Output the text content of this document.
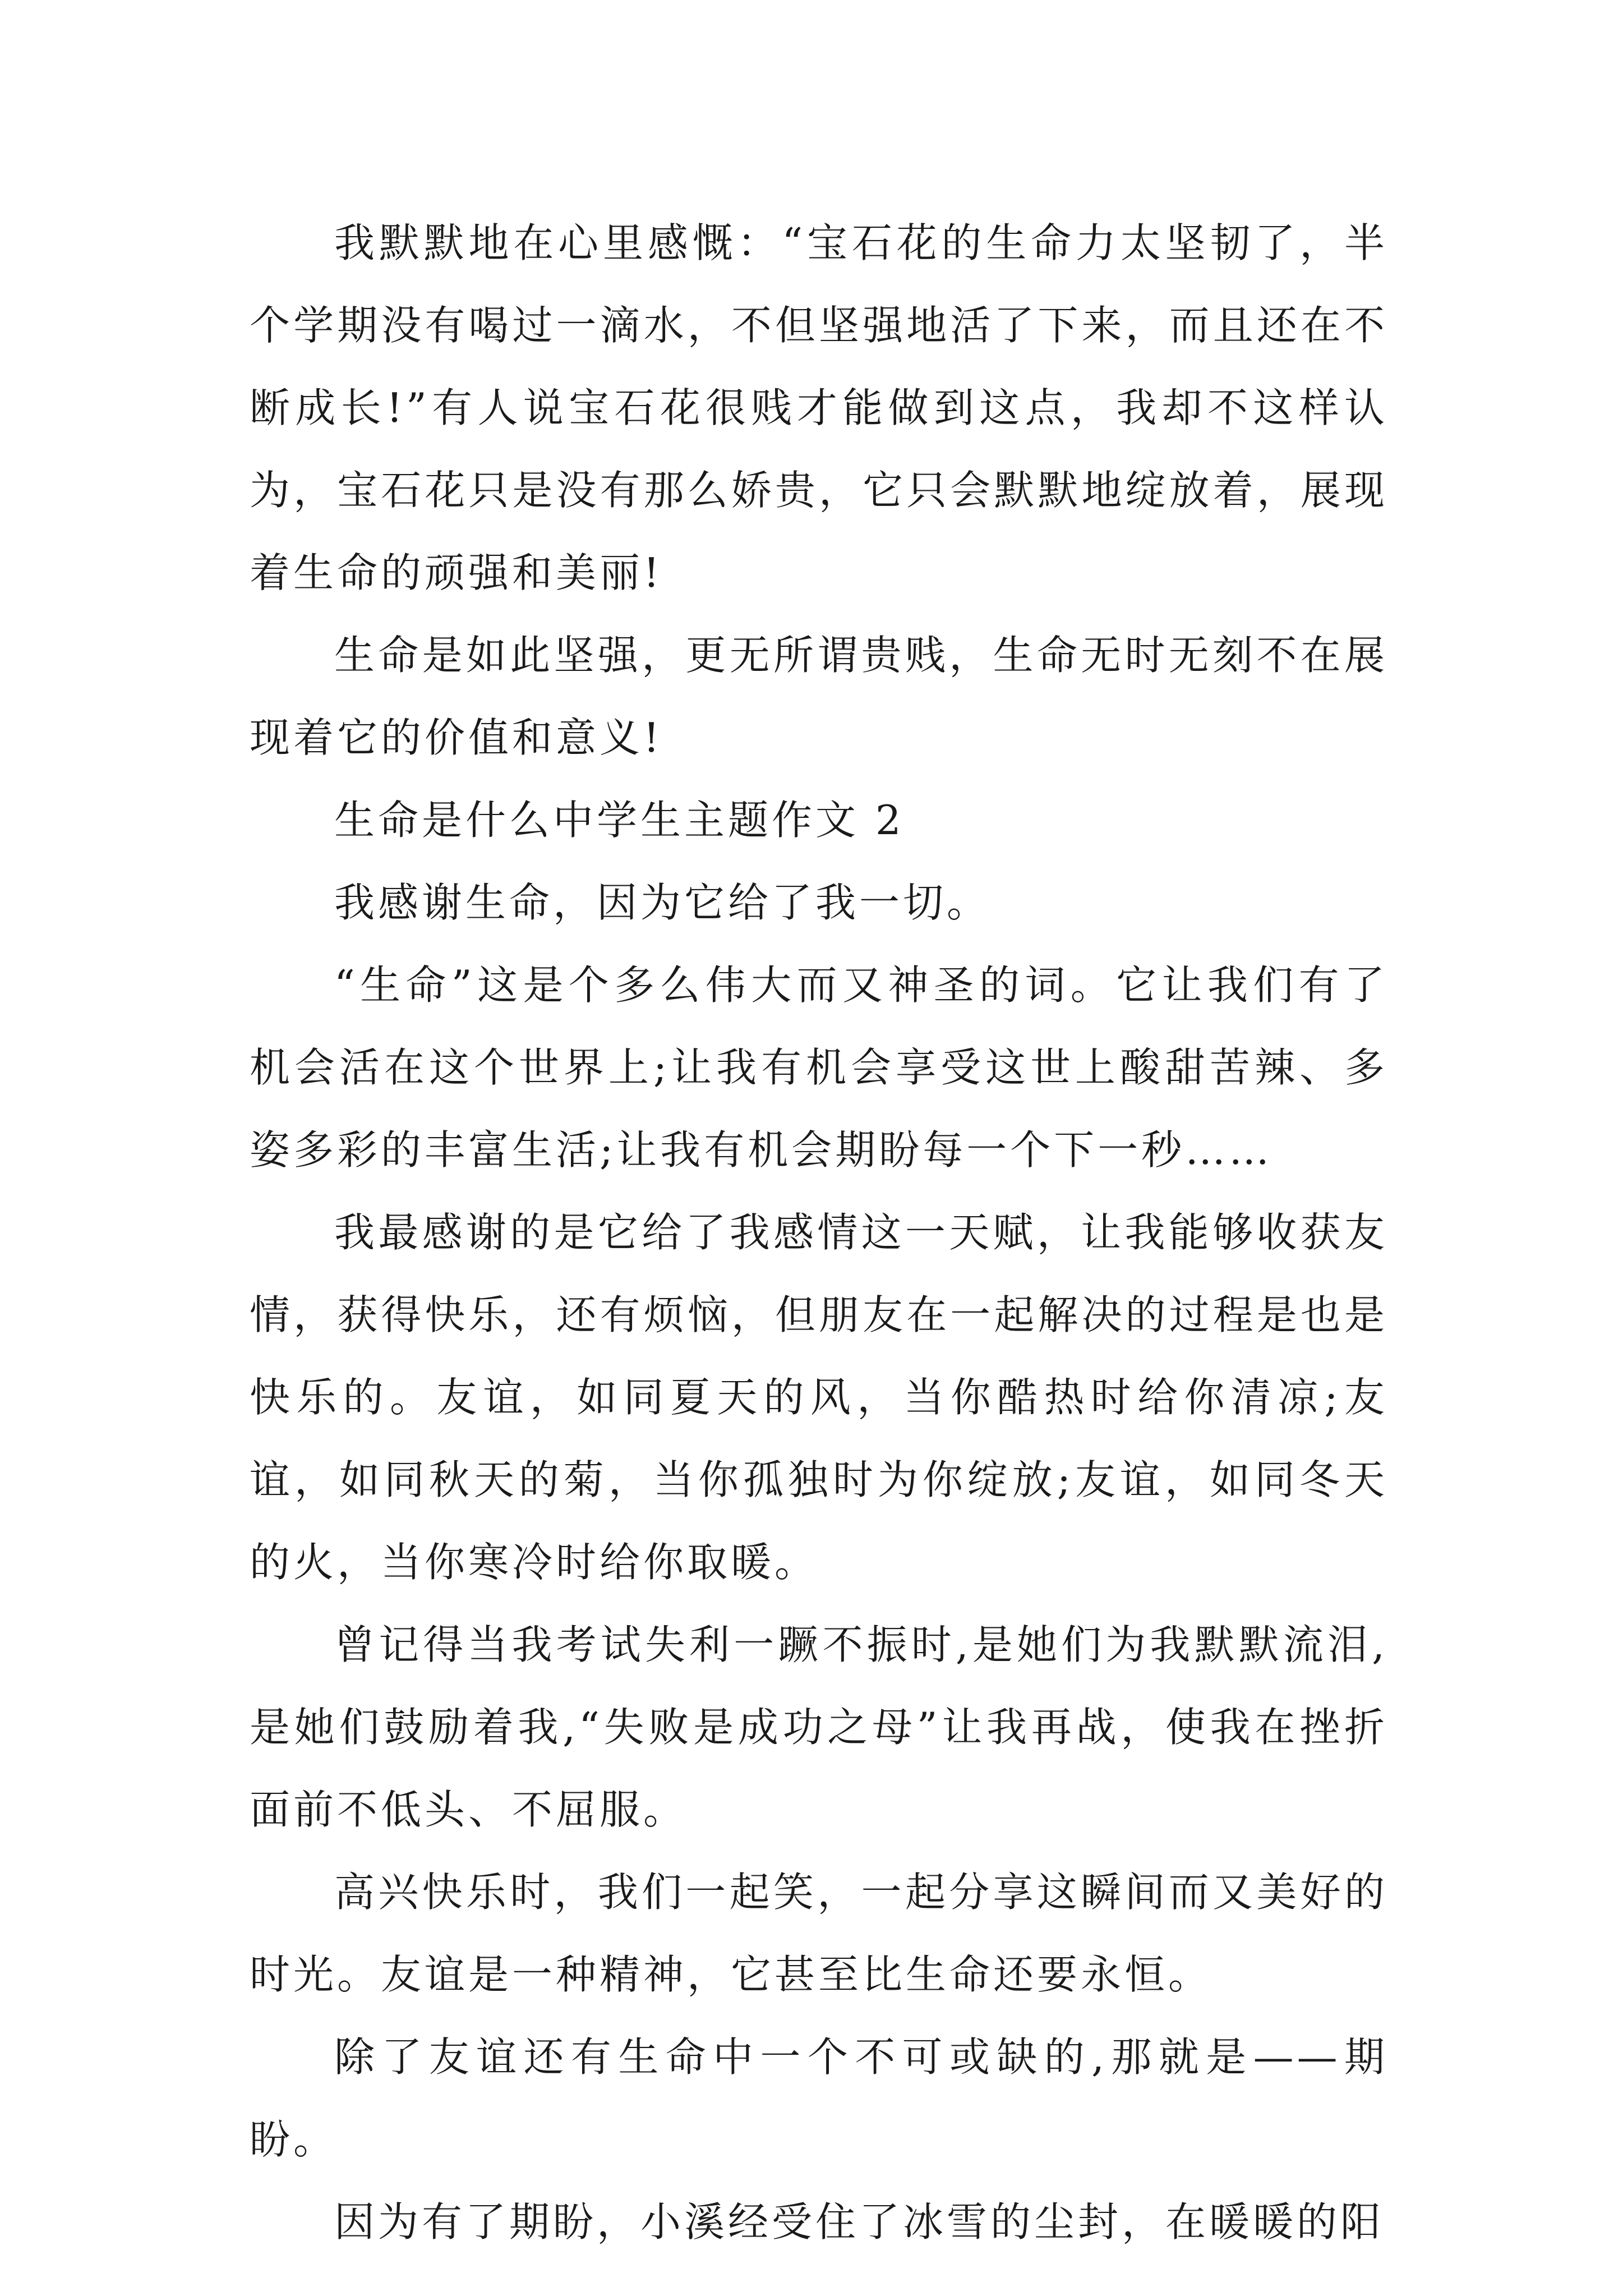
我默默地在心里感慨：“宝石花的生命力太坚韧了，半个学期没有喝过一滴水，不但坚强地活了下来，而且还在不断成长!”有人说宝石花很贱才能做到这点，我却不这样认为，宝石花只是没有那么娇贵，它只会默默地绽放着，展现着生命的顽强和美丽!

生命是如此坚强，更无所谓贵贱，生命无时无刻不在展现着它的价值和意义!

生命是什么中学生主题作文 2

我感谢生命，因为它给了我一切。

“生命”这是个多么伟大而又神圣的词。它让我们有了机会活在这个世界上;让我有机会享受这世上酸甜苦辣、多姿多彩的丰富生活;让我有机会期盼每一个下一秒……

我最感谢的是它给了我感情这一天赋，让我能够收获友情，获得快乐，还有烦恼，但朋友在一起解决的过程是也是快乐的。友谊，如同夏天的风，当你酷热时给你清凉;友谊，如同秋天的菊，当你孤独时为你绽放;友谊，如同冬天的火，当你寒冷时给你取暖。

曾记得当我考试失利一蹶不振时,是她们为我默默流泪,是她们鼓励着我,“失败是成功之母”让我再战，使我在挫折面前不低头、不屈服。

高兴快乐时，我们一起笑，一起分享这瞬间而又美好的时光。友谊是一种精神，它甚至比生命还要永恒。

除了友谊还有生命中一个不可或缺的,那就是——期盼。

因为有了期盼，小溪经受住了冰雪的尘封，在暖暖的阳
